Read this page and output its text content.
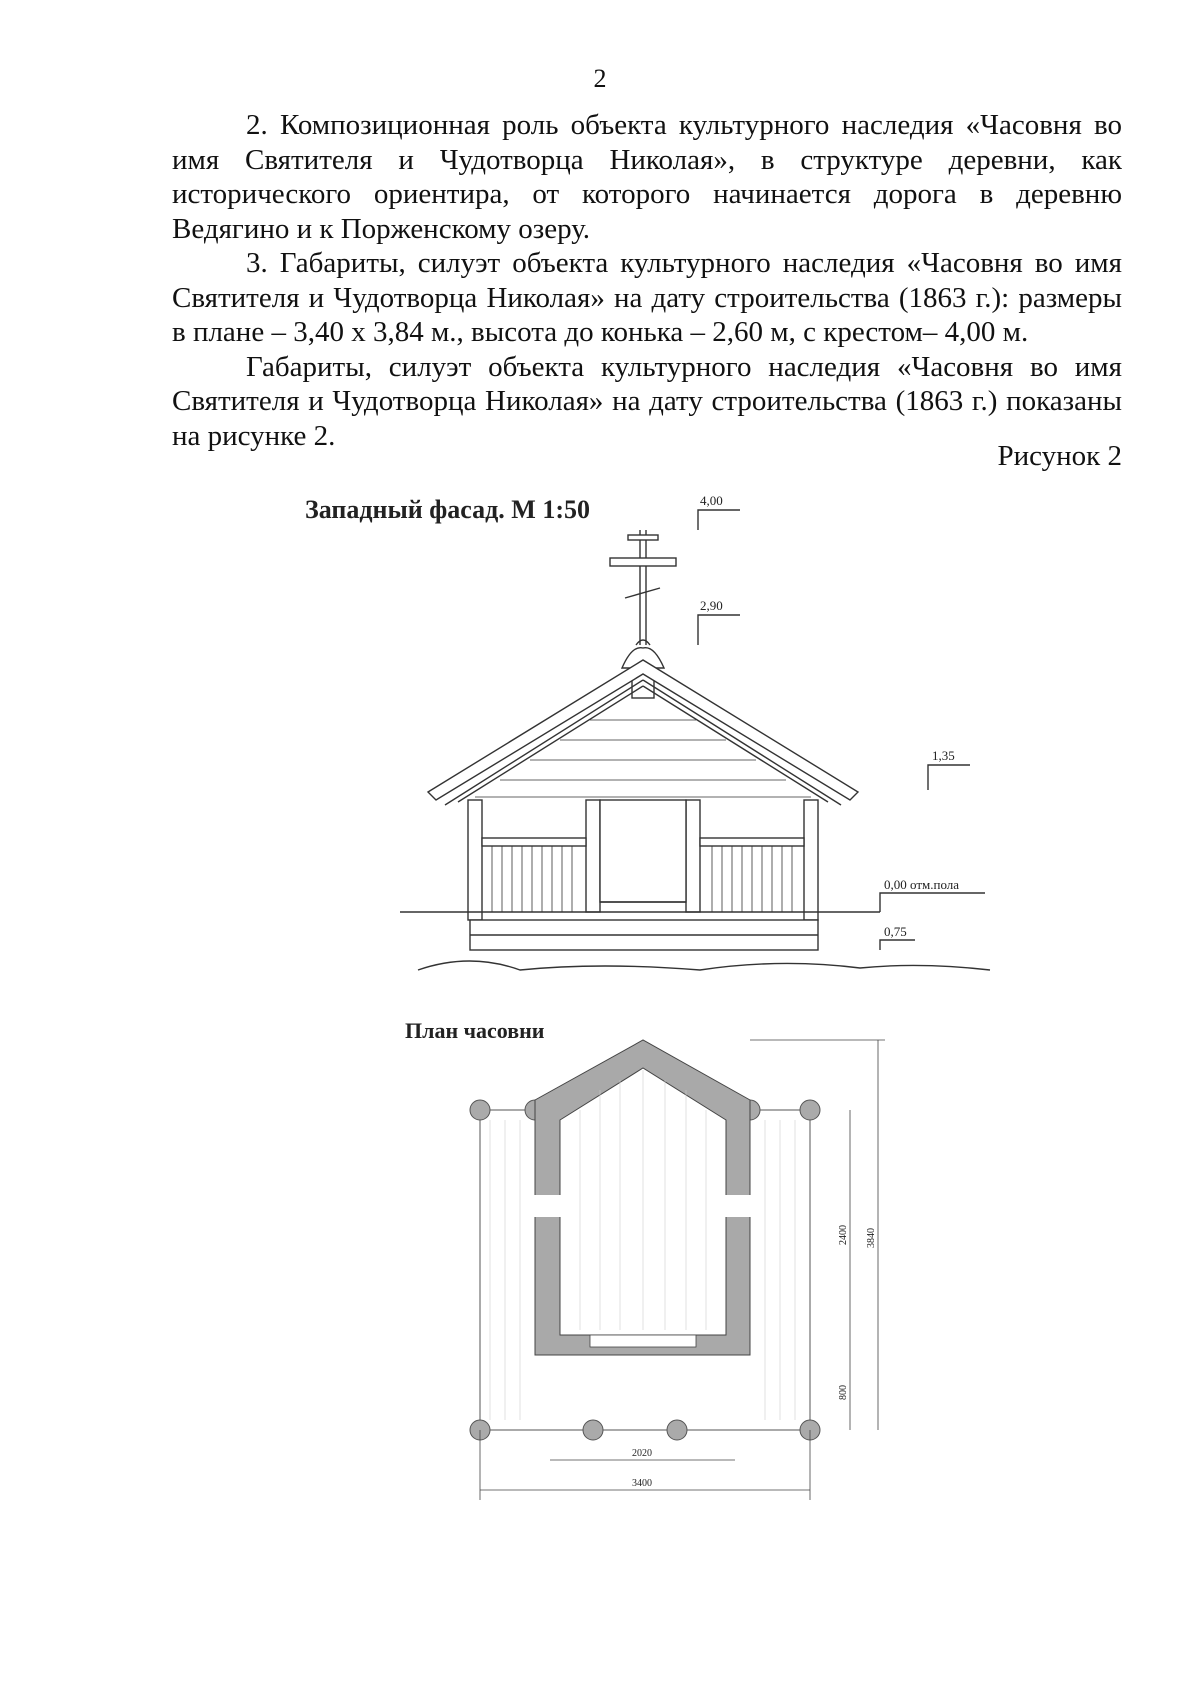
2

2. Композиционная роль объекта культурного наследия «Часовня во имя Святителя и Чудотворца Николая», в структуре деревни, как исторического ориентира, от которого начинается дорога в деревню Ведягино и к Порженскому озеру.

3. Габариты, силуэт объекта культурного наследия «Часовня во имя Святителя и Чудотворца Николая» на дату строительства (1863 г.): размеры в плане – 3,40 х 3,84 м., высота до конька – 2,60 м, с крестом– 4,00 м.

Габариты, силуэт объекта культурного наследия «Часовня во имя Святителя и Чудотворца Николая» на дату строительства (1863 г.) показаны на рисунке 2.

Рисунок 2
Западный фасад. М 1:50
План часовни
4,00
2,90
1,35
0,00 отм.пола
0,75
2400 3840
800
2020
3400
